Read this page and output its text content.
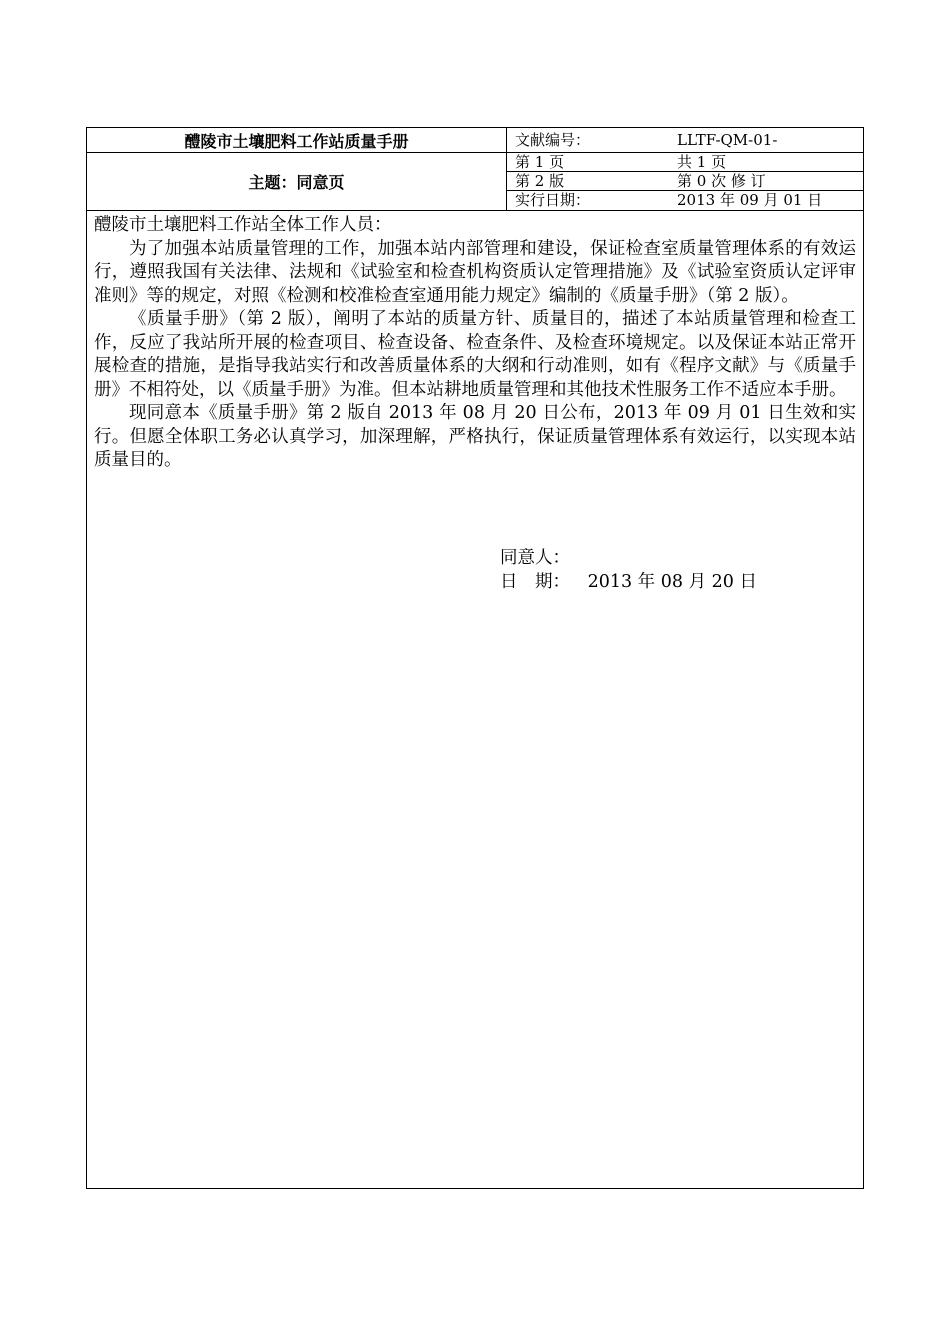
醴陵市土壤肥料工作站质量手册	文献编号：	LLTF-QM-01-
主题：同意页
第 1 页	共 1 页
第 2 版	第 0 次 修 订
实行日期：	2013 年 09 月 01 日

醴陵市土壤肥料工作站全体工作人员：

为了加强本站质量管理的工作，加强本站内部管理和建设，保证检查室质量管理体系的有效运行，遵照我国有关法律、法规和《试验室和检查机构资质认定管理措施》及《试验室资质认定评审准则》等的规定，对照《检测和校准检查室通用能力规定》编制的《质量手册》（第 2 版）。

《质量手册》（第 2 版），阐明了本站的质量方针、质量目的，描述了本站质量管理和检查工作，反应了我站所开展的检查项目、检查设备、检查条件、及检查环境规定。以及保证本站正常开展检查的措施，是指导我站实行和改善质量体系的大纲和行动准则，如有《程序文献》与《质量手册》不相符处，以《质量手册》为准。但本站耕地质量管理和其他技术性服务工作不适应本手册。

现同意本《质量手册》第 2 版自 2013 年 08 月 20 日公布，2013 年 09 月 01 日生效和实行。但愿全体职工务必认真学习，加深理解，严格执行，保证质量管理体系有效运行，以实现本站质量目的。

同意人：
日　期： 2013 年 08 月 20 日
